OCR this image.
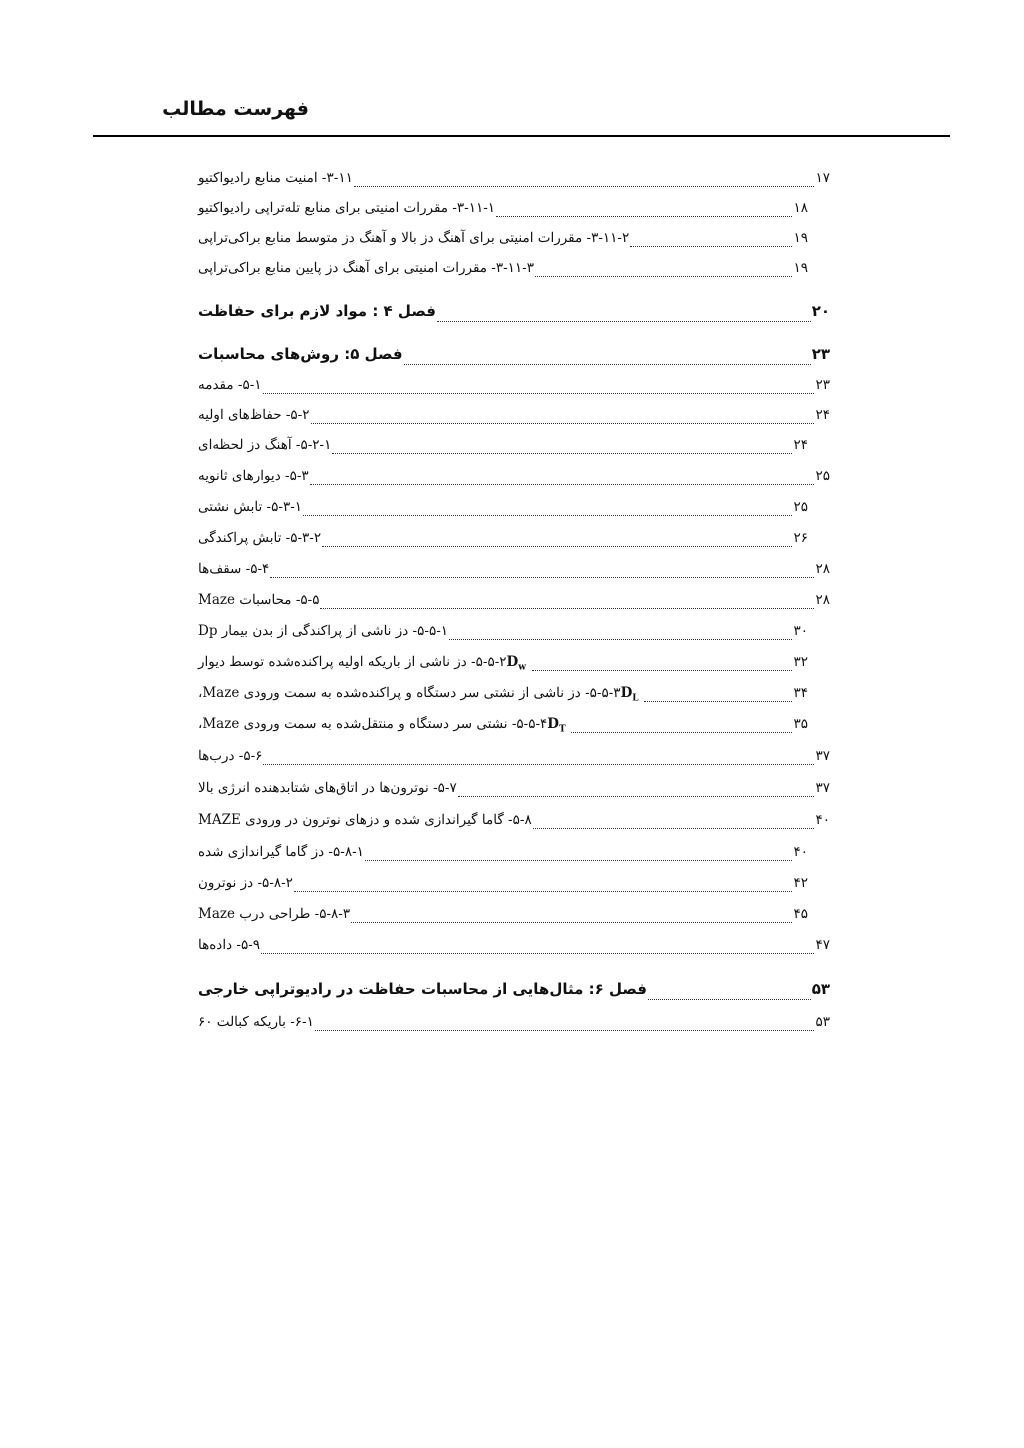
فهرست مطالب
۳-۱۱- امنیت منابع رادیواکتیو	۱۷
۳-۱۱-۱- مقررات امنیتی برای منابع تله‌تراپی رادیواکتیو	۱۸
۳-۱۱-۲- مقررات امنیتی برای آهنگ دز بالا و آهنگ دز متوسط منابع براکی‌تراپی	۱۹
۳-۱۱-۳- مقررات امنیتی برای آهنگ دز پایین منابع براکی‌تراپی	۱۹
فصل ۴ : مواد لازم برای حفاظت	۲۰
فصل ۵: روش‌های محاسبات	۲۳
۵-۱- مقدمه	۲۳
۵-۲- حفاظ‌های اولیه	۲۴
۵-۲-۱- آهنگ دز لحظه‌ای	۲۴
۵-۳- دیوارهای ثانویه	۲۵
۵-۳-۱- تابش نشتی	۲۵
۵-۳-۲- تابش پراکندگی	۲۶
۵-۴- سقف‌ها	۲۸
۵-۵- محاسبات Maze	۲۸
۵-۵-۱- دز ناشی از پراکندگی از بدن بیمار Dp	۳۰
۵-۵-۲- دز ناشی از باریکه اولیه پراکنده‌شده توسط دیوار $D_w$	۳۲
۵-۵-۳- دز ناشی از نشتی سر دستگاه و پراکنده‌شده به سمت ورودی Maze، $D_L$	۳۴
۵-۵-۴- نشتی سر دستگاه و منتقل‌شده به سمت ورودی Maze، $D_T$	۳۵
۵-۶- درب‌ها	۳۷
۵-۷- نوترون‌ها در اتاق‌های شتابدهنده انرژی بالا	۳۷
۵-۸- گاما گیراندازی شده و دزهای نوترون در ورودی MAZE	۴۰
۵-۸-۱- دز گاما گیراندازی شده	۴۰
۵-۸-۲- دز نوترون	۴۲
۵-۸-۳- طراحی درب Maze	۴۵
۵-۹- داده‌ها	۴۷
فصل ۶: مثال‌هایی از محاسبات حفاظت در رادیوتراپی خارجی	۵۳
۶-۱- باریکه کبالت ۶۰	۵۳
